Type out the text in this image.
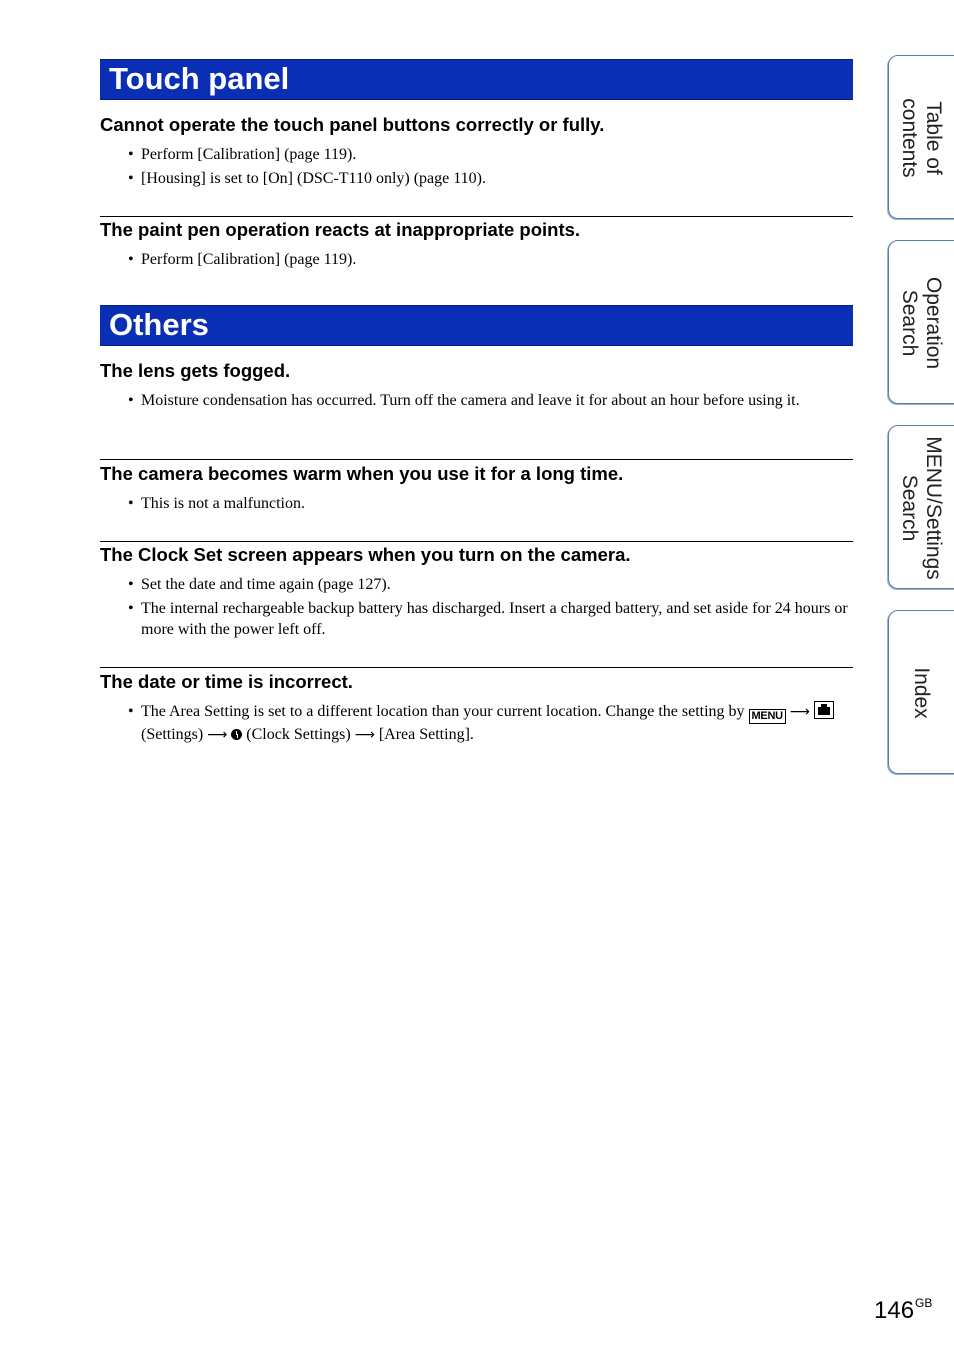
Touch panel
Cannot operate the touch panel buttons correctly or fully.
• Perform [Calibration] (page 119).
• [Housing] is set to [On] (DSC-T110 only) (page 110).
The paint pen operation reacts at inappropriate points.
• Perform [Calibration] (page 119).
Others
The lens gets fogged.
• Moisture condensation has occurred. Turn off the camera and leave it for about an hour before using it.
The camera becomes warm when you use it for a long time.
• This is not a malfunction.
The Clock Set screen appears when you turn on the camera.
• Set the date and time again (page 127).
• The internal rechargeable backup battery has discharged. Insert a charged battery, and set aside for 24 hours or more with the power left off.
The date or time is incorrect.
• The Area Setting is set to a different location than your current location. Change the setting by MENU ⟶  (Settings) ⟶ (Clock Settings) ⟶ [Area Setting].
Table of
contents
Operation
Search
MENU/Settings
Search
Index
$146^{GB}$
